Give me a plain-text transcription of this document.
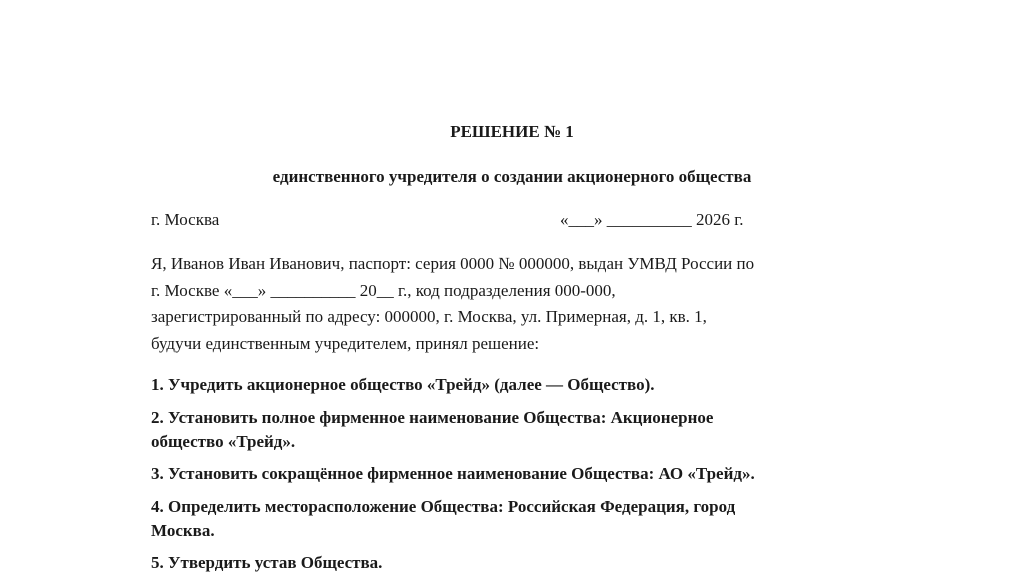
РЕШЕНИЕ № 1
единственного учредителя о создании акционерного общества
г. Москва	«___» __________ 2026 г.
Я, Иванов Иван Иванович, паспорт: серия 0000 № 000000, выдан УМВД России по
г. Москве «___» __________ 20__ г., код подразделения 000-000,
зарегистрированный по адресу: 000000, г. Москва, ул. Примерная, д. 1, кв. 1,
будучи единственным учредителем, принял решение:
1. Учредить акционерное общество «Трейд» (далее — Общество).
2. Установить полное фирменное наименование Общества: Акционерное
общество «Трейд».
3. Установить сокращённое фирменное наименование Общества: АО «Трейд».
4. Определить месторасположение Общества: Российская Федерация, город
Москва.
5. Утвердить устав Общества.
